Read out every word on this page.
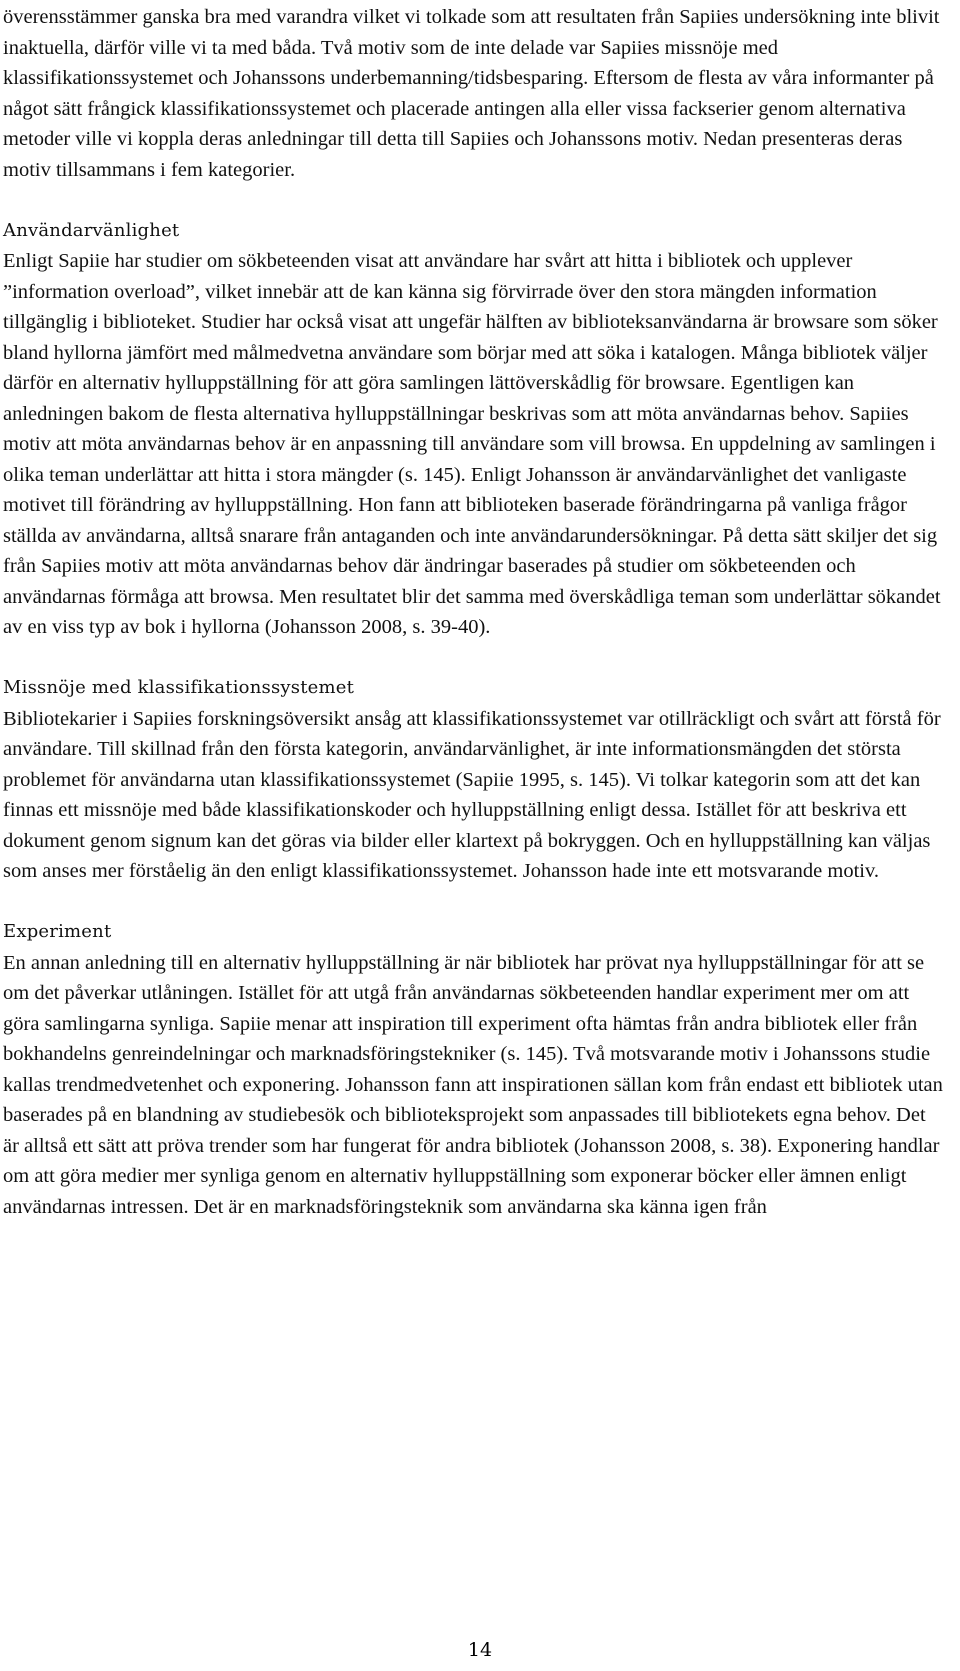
överensstämmer ganska bra med varandra vilket vi tolkade som att resultaten från Sapiies undersökning inte blivit inaktuella, därför ville vi ta med båda. Två motiv som de inte delade var Sapiies missnöje med klassifikationssystemet och Johanssons underbemanning/tidsbesparing. Eftersom de flesta av våra informanter på något sätt frångick klassifikationssystemet och placerade antingen alla eller vissa fackserier genom alternativa metoder ville vi koppla deras anledningar till detta till Sapiies och Johanssons motiv. Nedan presenteras deras motiv tillsammans i fem kategorier.

Användarvänlighet

Enligt Sapiie har studier om sökbeteenden visat att användare har svårt att hitta i bibliotek och upplever ”information overload”, vilket innebär att de kan känna sig förvirrade över den stora mängden information tillgänglig i biblioteket. Studier har också visat att ungefär hälften av biblioteksanvändarna är browsare som söker bland hyllorna jämfört med målmedvetna användare som börjar med att söka i katalogen. Många bibliotek väljer därför en alternativ hylluppställning för att göra samlingen lättöverskådlig för browsare. Egentligen kan anledningen bakom de flesta alternativa hylluppställningar beskrivas som att möta användarnas behov. Sapiies motiv att möta användarnas behov är en anpassning till användare som vill browsa. En uppdelning av samlingen i olika teman underlättar att hitta i stora mängder (s. 145). Enligt Johansson är användarvänlighet det vanligaste motivet till förändring av hylluppställning. Hon fann att biblioteken baserade förändringarna på vanliga frågor ställda av användarna, alltså snarare från antaganden och inte användarundersökningar. På detta sätt skiljer det sig från Sapiies motiv att möta användarnas behov där ändringar baserades på studier om sökbeteenden och användarnas förmåga att browsa. Men resultatet blir det samma med överskådliga teman som underlättar sökandet av en viss typ av bok i hyllorna (Johansson 2008, s. 39-40).

Missnöje med klassifikationssystemet

Bibliotekarier i Sapiies forskningsöversikt ansåg att klassifikationssystemet var otillräckligt och svårt att förstå för användare. Till skillnad från den första kategorin, användarvänlighet, är inte informationsmängden det största problemet för användarna utan klassifikationssystemet (Sapiie 1995, s. 145). Vi tolkar kategorin som att det kan finnas ett missnöje med både klassifikationskoder och hylluppställning enligt dessa. Istället för att beskriva ett dokument genom signum kan det göras via bilder eller klartext på bokryggen. Och en hylluppställning kan väljas som anses mer förståelig än den enligt klassifikationssystemet. Johansson hade inte ett motsvarande motiv.

Experiment

En annan anledning till en alternativ hylluppställning är när bibliotek har prövat nya hylluppställningar för att se om det påverkar utlåningen. Istället för att utgå från användarnas sökbeteenden handlar experiment mer om att göra samlingarna synliga. Sapiie menar att inspiration till experiment ofta hämtas från andra bibliotek eller från bokhandelns genreindelningar och marknadsföringstekniker (s. 145). Två motsvarande motiv i Johanssons studie kallas trendmedvetenhet och exponering. Johansson fann att inspirationen sällan kom från endast ett bibliotek utan baserades på en blandning av studiebesök och biblioteksprojekt som anpassades till bibliotekets egna behov. Det är alltså ett sätt att pröva trender som har fungerat för andra bibliotek (Johansson 2008, s. 38). Exponering handlar om att göra medier mer synliga genom en alternativ hylluppställning som exponerar böcker eller ämnen enligt användarnas intressen. Det är en marknadsföringsteknik som användarna ska känna igen från

14
